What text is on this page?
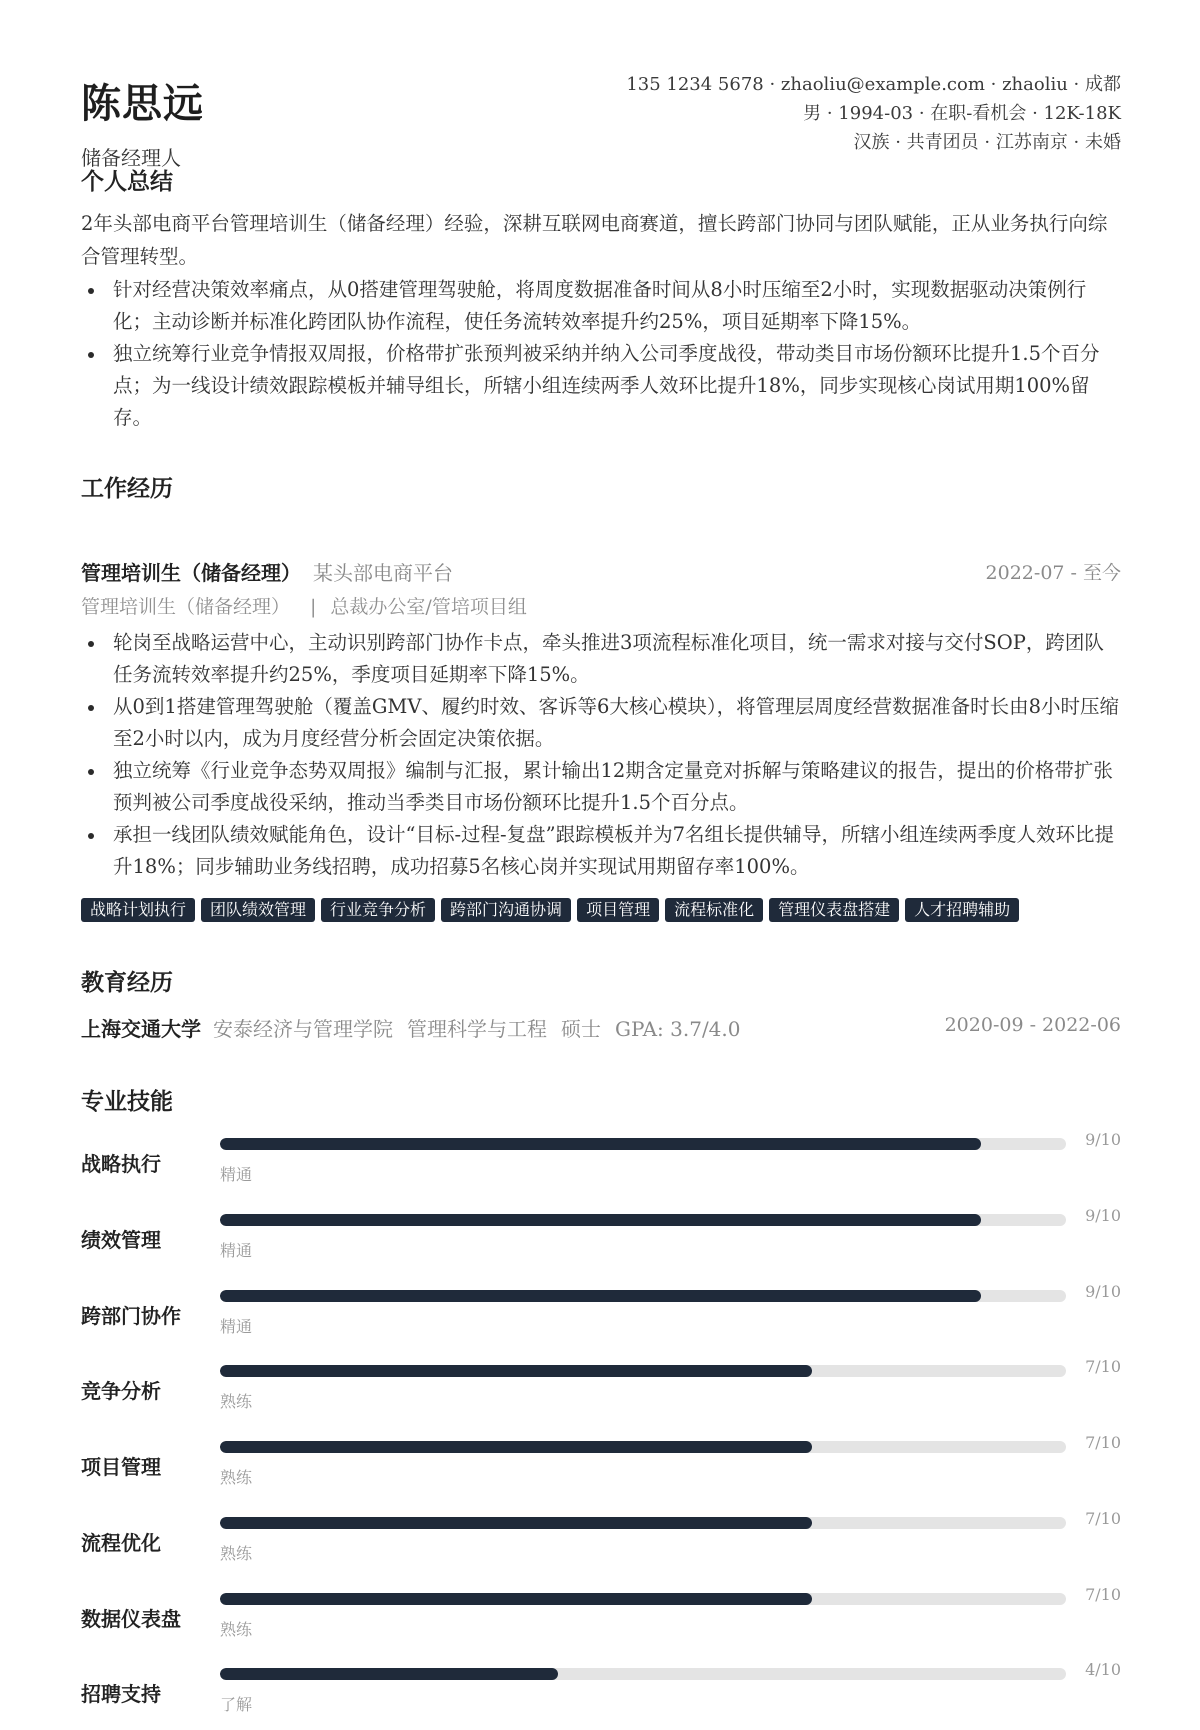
陈思远
储备经理人
135 1234 5678 · zhaoliu@example.com · zhaoliu · 成都
男 · 1994-03 · 在职-看机会 · 12K-18K
汉族 · 共青团员 · 江苏南京 · 未婚
个人总结
2年头部电商平台管理培训生（储备经理）经验，深耕互联网电商赛道，擅长跨部门协同与团队赋能，正从业务执行向综合管理转型。
针对经营决策效率痛点，从0搭建管理驾驶舱，将周度数据准备时间从8小时压缩至2小时，实现数据驱动决策例行化；主动诊断并标准化跨团队协作流程，使任务流转效率提升约25%，项目延期率下降15%。
独立统筹行业竞争情报双周报，价格带扩张预判被采纳并纳入公司季度战役，带动类目市场份额环比提升1.5个百分点；为一线设计绩效跟踪模板并辅导组长，所辖小组连续两季人效环比提升18%，同步实现核心岗试用期100%留存。
工作经历
管理培训生（储备经理） 某头部电商平台	2022-07 - 至今
管理培训生（储备经理） | 总裁办公室/管培项目组
轮岗至战略运营中心，主动识别跨部门协作卡点，牵头推进3项流程标准化项目，统一需求对接与交付SOP，跨团队任务流转效率提升约25%，季度项目延期率下降15%。
从0到1搭建管理驾驶舱（覆盖GMV、履约时效、客诉等6大核心模块），将管理层周度经营数据准备时长由8小时压缩至2小时以内，成为月度经营分析会固定决策依据。
独立统筹《行业竞争态势双周报》编制与汇报，累计输出12期含定量竞对拆解与策略建议的报告，提出的价格带扩张预判被公司季度战役采纳，推动当季类目市场份额环比提升1.5个百分点。
承担一线团队绩效赋能角色，设计“目标-过程-复盘”跟踪模板并为7名组长提供辅导，所辖小组连续两季度人效环比提升18%；同步辅助业务线招聘，成功招募5名核心岗并实现试用期留存率100%。
战略计划执行	团队绩效管理	行业竞争分析	跨部门沟通协调	项目管理	流程标准化	管理仪表盘搭建	人才招聘辅助
教育经历
上海交通大学 安泰经济与管理学院 管理科学与工程 硕士 GPA: 3.7/4.0	2020-09 - 2022-06
专业技能
战略执行	精通
9/10
绩效管理	精通
9/10
跨部门协作 精通
9/10
竞争分析	熟练
7/10
项目管理	熟练
7/10
流程优化	熟练
7/10
数据仪表盘 熟练
7/10
招聘支持	了解
4/10
